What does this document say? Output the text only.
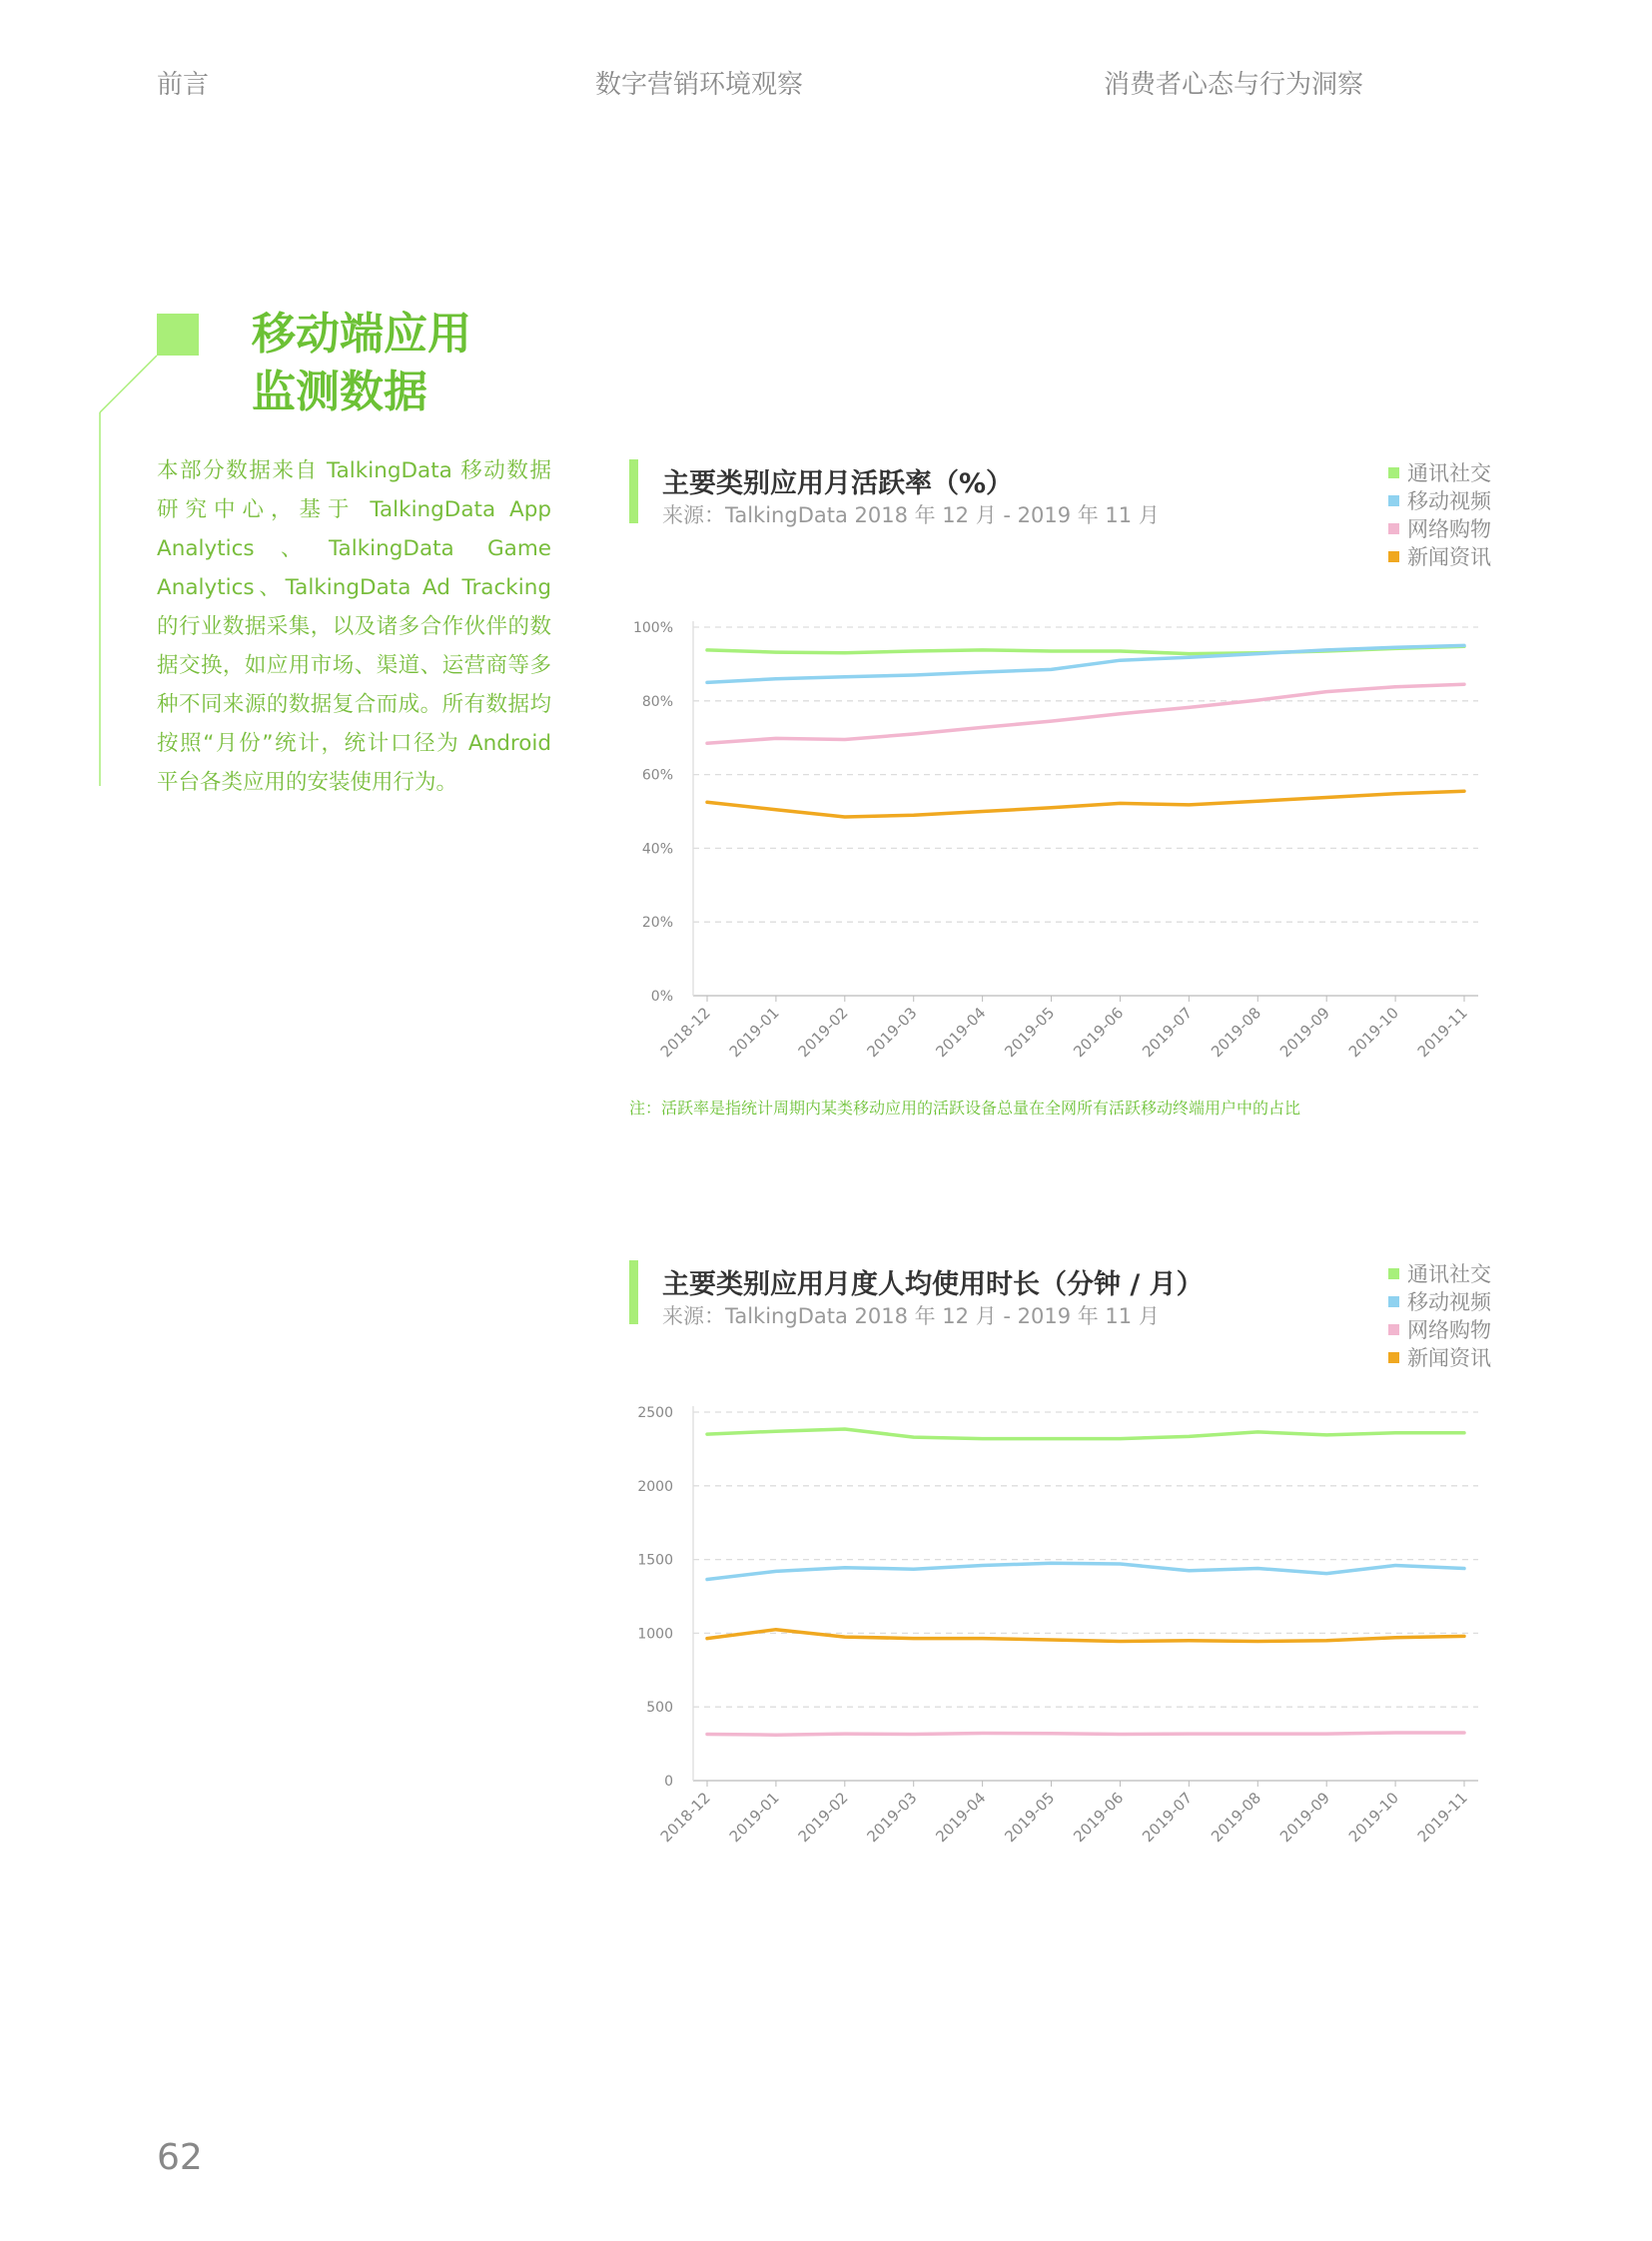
前言	数字营销环境观察	消费者心态与行为洞察
移动端应用
监测数据
本部分数据来自 TalkingData 移动数据研究中心，基于 TalkingData App Analytics、TalkingData Game Analytics、TalkingData Ad Tracking 的行业数据采集，以及诸多合作伙伴的数据交换，如应用市场、渠道、运营商等多种不同来源的数据复合而成。所有数据均按照“月份”统计，统计口径为 Android 平台各类应用的安装使用行为。
主要类别应用月活跃率（%）
来源：TalkingData 2018 年 12 月 - 2019 年 11 月
通讯社交
移动视频
网络购物
新闻资讯
0%
20%
40%
60%
80%
100%
2018-12 2019-01 2019-02 2019-03 2019-04 2019-05 2019-06 2019-07 2019-08 2019-09 2019-10 2019-11
注：活跃率是指统计周期内某类移动应用的活跃设备总量在全网所有活跃移动终端用户中的占比
主要类别应用月度人均使用时长（分钟 / 月）
来源：TalkingData 2018 年 12 月 - 2019 年 11 月
通讯社交
移动视频
网络购物
新闻资讯
0
500
1000
1500
2000
2500
2018-12 2019-01 2019-02 2019-03 2019-04 2019-05 2019-06 2019-07 2019-08 2019-09 2019-10 2019-11
62
